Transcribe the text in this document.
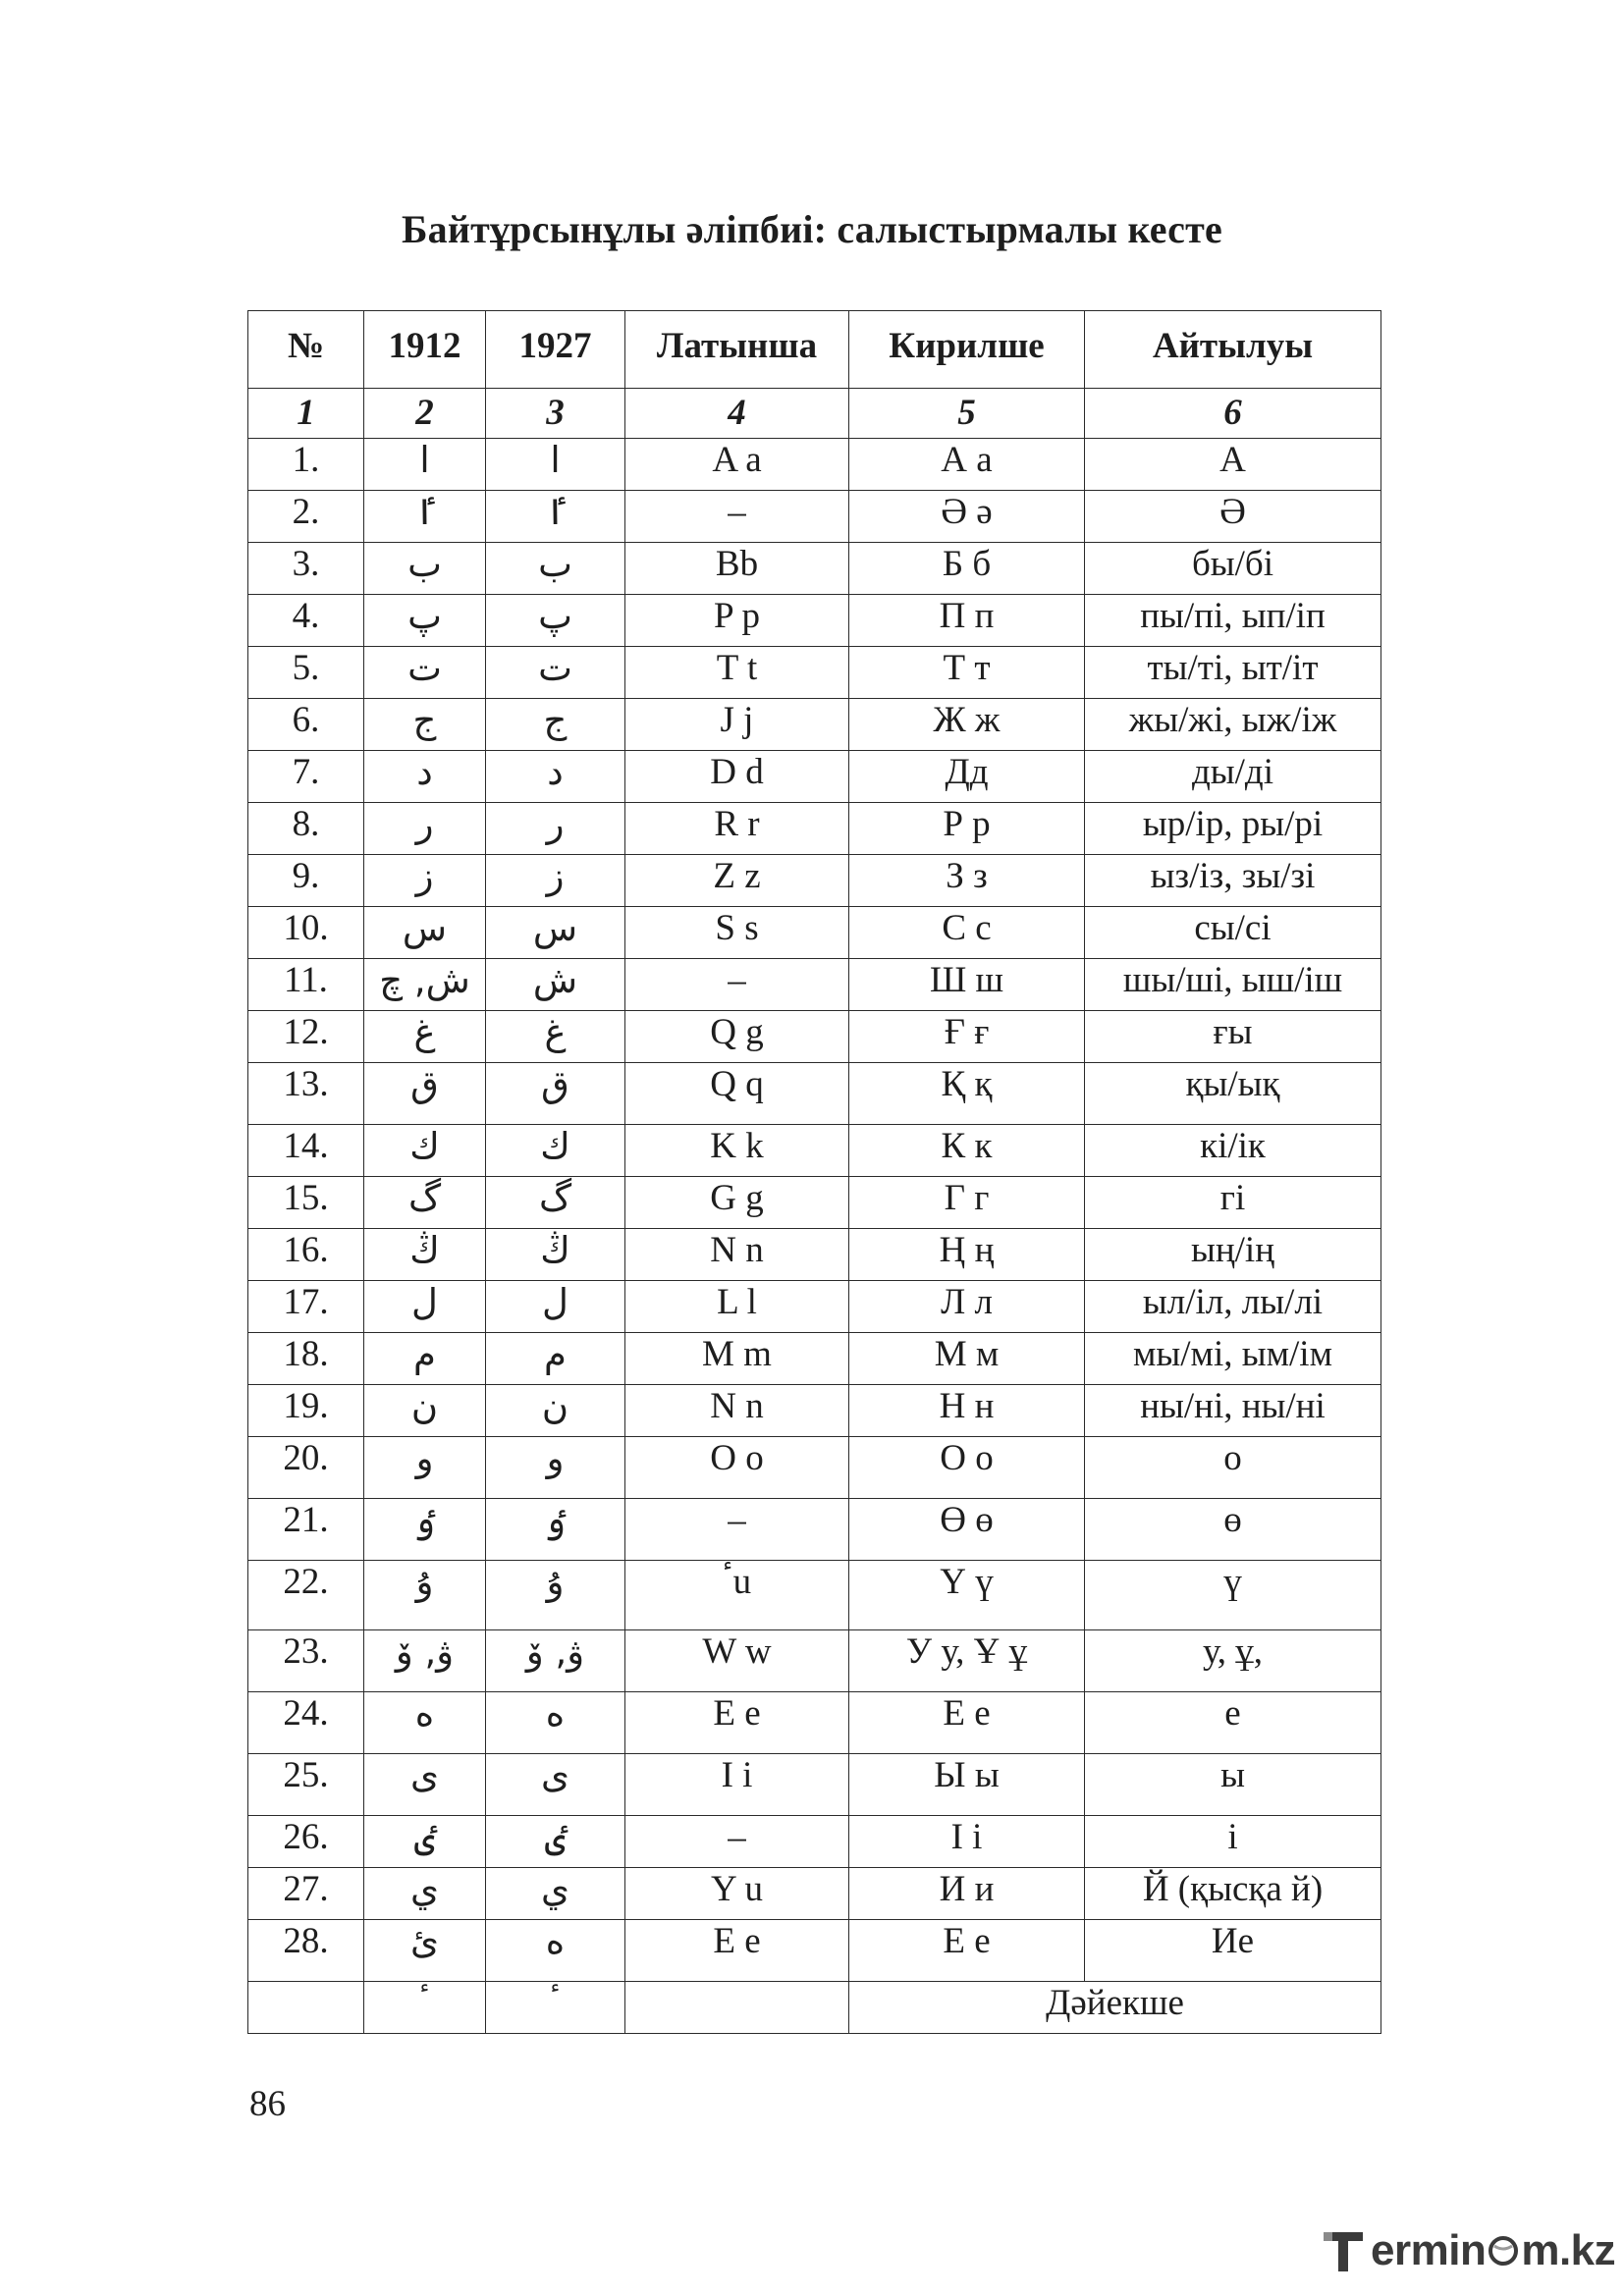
Байтұрсынұлы әліпбиі: салыстырмалы кесте
№	1912	1927	Латынша	Кирилше	Айтылуы
1	2	3	4	5	6
1.	ا	ا	A a	А а	А
2.	ٵ	ٵ	–	Ә ә	Ә
3.	ب	ب	Bb	Б б	бы/бі
4.	پ	پ	P p	П п	пы/пі, ып/іп
5.	ت	ت	T t	Т т	ты/ті, ыт/іт
6.	ج	ج	J j	Ж ж	жы/жі, ыж/іж
7.	د	د	D d	Дд	ды/ді
8.	ر	ر	R r	Р р	ыр/ір, ры/рі
9.	ز	ز	Z z	З з	ыз/із, зы/зі
10.	س	س	S s	С с	сы/сі
11.	ش, چ	ش	–	Ш ш	шы/ші, ыш/іш
12.	غ	غ	Q g	Ғ ғ	ғы
13.	ق	ق	Q q	Қ қ	қы/ық
14.	ك	ك	K k	К к	кі/ік
15.	گ	گ	G g	Г г	гі
16.	ڭ	ڭ	N n	Ң ң	ың/iң
17.	ل	ل	L l	Л л	ыл/іл, лы/лі
18.	م	م	M m	М м	мы/мі, ым/ім
19.	ن	ن	N n	Н н	ны/ні, ны/ні
20.	و	و	O o	О о	о
21.	ٶ	ٶ	–	Ө ө	ө
22.	ۇ	ۇ	ٴu	Ү ү	ү
23.	ۋ, ۆ	ۋ, ۆ	W w	У у, Ұ ұ	у, ұ,
24.	ه	ه	E e	Е е	е
25.	ى	ى	I i	Ы ы	ы
26.	ٸ	ٸ	–	І і	і
27.	ي	ي	Y u	И и	Й (қысқа й)
28.	ئ	ه	E e	Е е	Ие
	ٴ	ٴ		Дәйекше	
86
ermin m.kz
